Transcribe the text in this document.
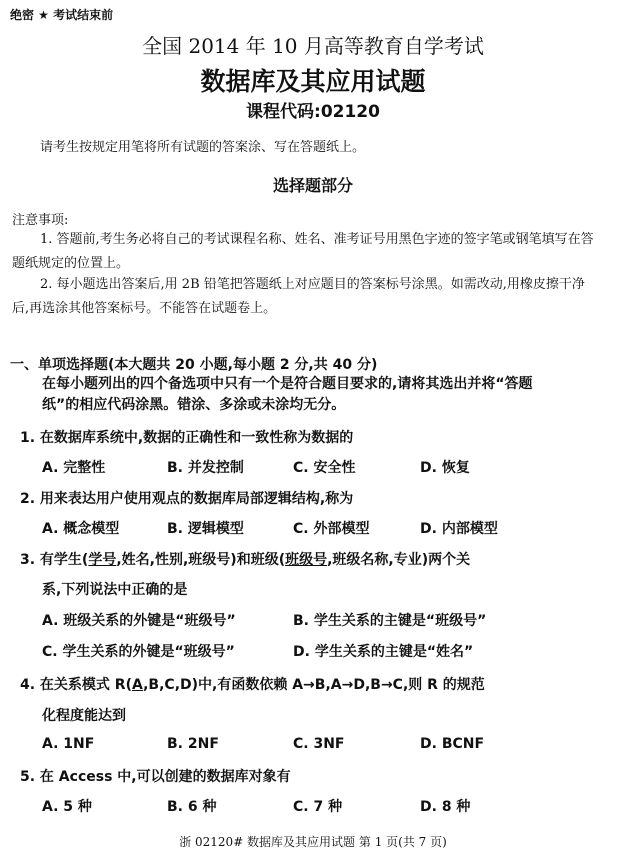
绝密 ★ 考试结束前
全国 2014 年 10 月高等教育自学考试
数据库及其应用试题
课程代码:02120
请考生按规定用笔将所有试题的答案涂、写在答题纸上。
选择题部分
注意事项:
1. 答题前,考生务必将自己的考试课程名称、姓名、准考证号用黑色字迹的签字笔或钢笔填写在答题纸规定的位置上。
2. 每小题选出答案后,用 2B 铅笔把答题纸上对应题目的答案标号涂黑。如需改动,用橡皮擦干净后,再选涂其他答案标号。不能答在试题卷上。
一、单项选择题(本大题共 20 小题,每小题 2 分,共 40 分)
在每小题列出的四个备选项中只有一个是符合题目要求的,请将其选出并将“答题纸”的相应代码涂黑。错涂、多涂或未涂均无分。
1. 在数据库系统中,数据的正确性和一致性称为数据的
A. 完整性	B. 并发控制	C. 安全性	D. 恢复
2. 用来表达用户使用观点的数据库局部逻辑结构,称为
A. 概念模型	B. 逻辑模型	C. 外部模型	D. 内部模型
3. 有学生(学号,姓名,性别,班级号)和班级(班级号,班级名称,专业)两个关
系,下列说法中正确的是
A. 班级关系的外键是“班级号”	B. 学生关系的主键是“班级号”
C. 学生关系的外键是“班级号”	D. 学生关系的主键是“姓名”
4. 在关系模式 R(A,B,C,D)中,有函数依赖 A→B,A→D,B→C,则 R 的规范
化程度能达到
A. 1NF	B. 2NF	C. 3NF	D. BCNF
5. 在 Access 中,可以创建的数据库对象有
A. 5 种	B. 6 种	C. 7 种	D. 8 种
浙 02120# 数据库及其应用试题 第 1 页(共 7 页)
